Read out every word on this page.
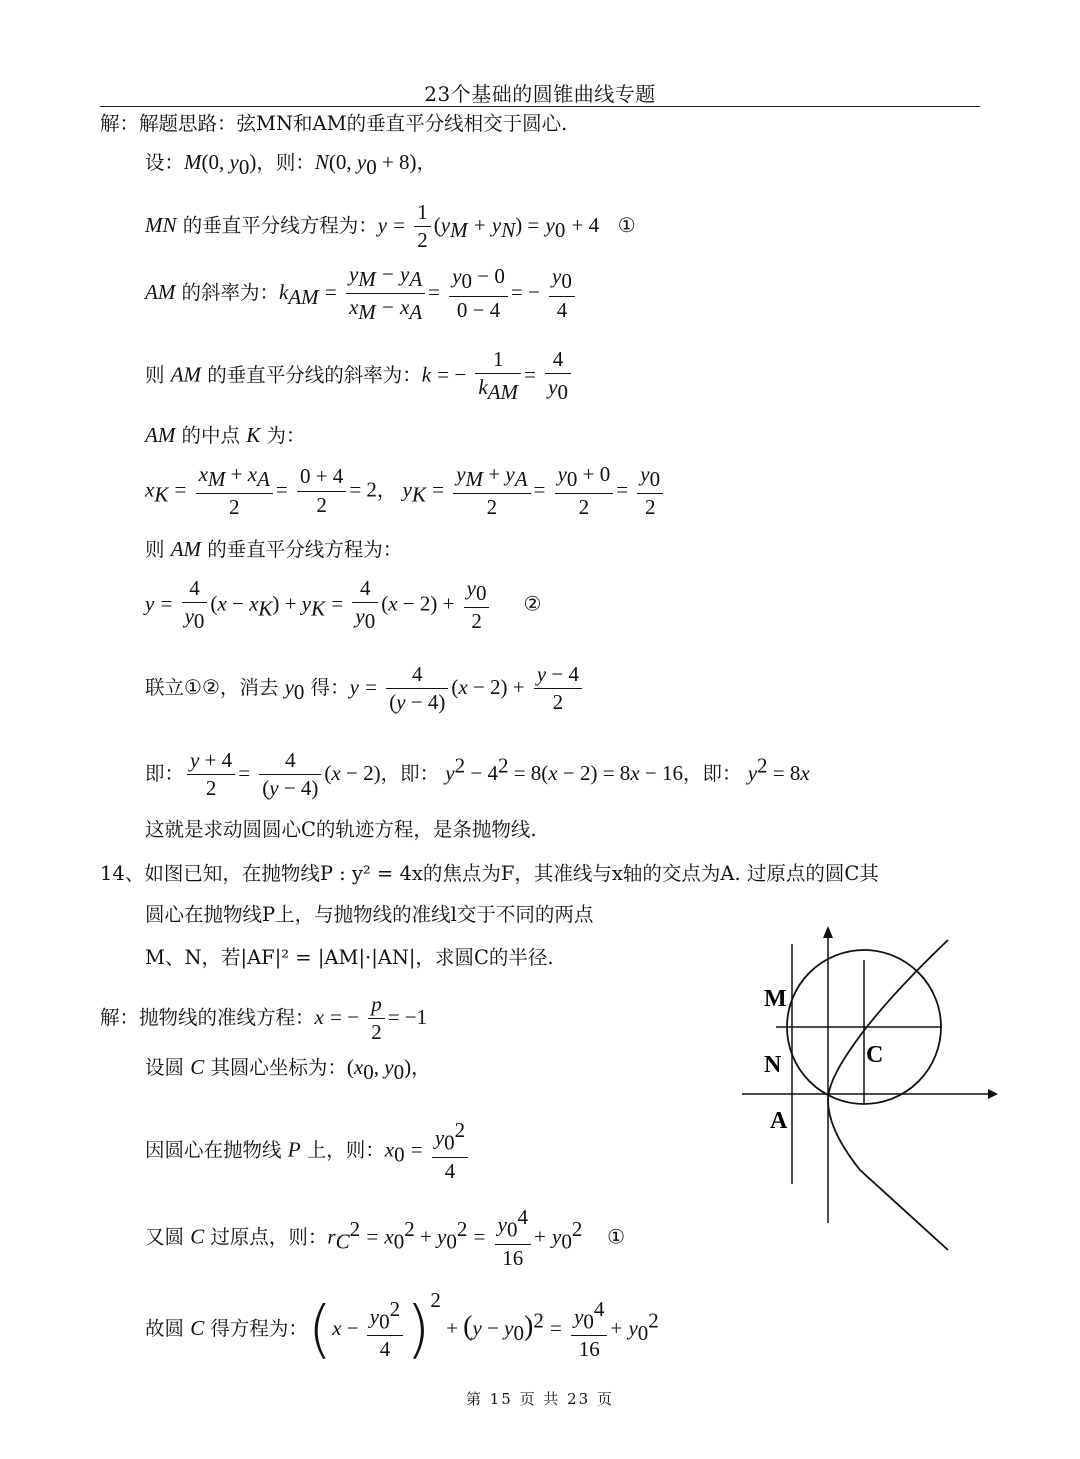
23个基础的圆锥曲线专题
解：解题思路：弦MN和AM的垂直平分线相交于圆心.
设：M(0, $y_0$)，则：N(0, $y_0 + 8$)，
MN 的垂直平分线方程为：$y = \frac{1}{2} (y_M + y_N) = y_0 + 4$ ①
AM 的斜率为：$k_{AM} = \frac{y_M - y_A}{x_M - x_A} = \frac{y_0 - 0}{0 - 4}$ = − $\frac{y_0}{4}$
则 AM 的垂直平分线的斜率为：k = − $\frac{1}{k_{AM}} = \frac{4}{y_0}$
AM 的中点 K 为：
$x_K = \frac{x_M + x_A}{2} = \frac{0 + 4}{2} = 2$， $y_K = \frac{y_M + y_A}{2} = \frac{y_0 + 0}{2} = \frac{y_0}{2}$
则 AM 的垂直平分线方程为：
$y = \frac{4}{y_0} (x - x_K) + y_K = \frac{4}{y_0} (x - 2) + \frac{y_0}{2}$ ②
联立①②，消去 $y_0$ 得：$y = \frac{4}{(y - 4)} (x - 2) + \frac{y - 4}{2}$
即： $\frac{y + 4}{2} = \frac{4}{(y - 4)} (x - 2)$，即： $y^2 - 4^2 = 8(x - 2) = 8x - 16$，即： $y^2 = 8x$
这就是求动圆圆心C的轨迹方程，是条抛物线.
14、如图已知，在抛物线P : y² = 4x的焦点为F，其准线与x轴的交点为A. 过原点的圆C其
圆心在抛物线P上，与抛物线的准线l交于不同的两点
M、N，若|AF|² = |AM|·|AN|，求圆C的半径.
解：抛物线的准线方程：x = − $\frac{p}{2} = -1$
设圆 C 其圆心坐标为：($x_0$, $y_0$)，
因圆心在抛物线 P 上，则：$x_0 = \frac{y_0^2}{4}$
又圆 C 过原点，则：$r_C^2 = x_0^2 + y_0^2 = \frac{y_0^4}{16} + y_0^2$ ①
故圆 C 得方程为：$(x - \frac{y_0^2}{4} )^2 + (y - y_0)^2 = \frac{y_0^4}{16} + y_0^2$
M
N
A
C
第 15 页 共 23 页
